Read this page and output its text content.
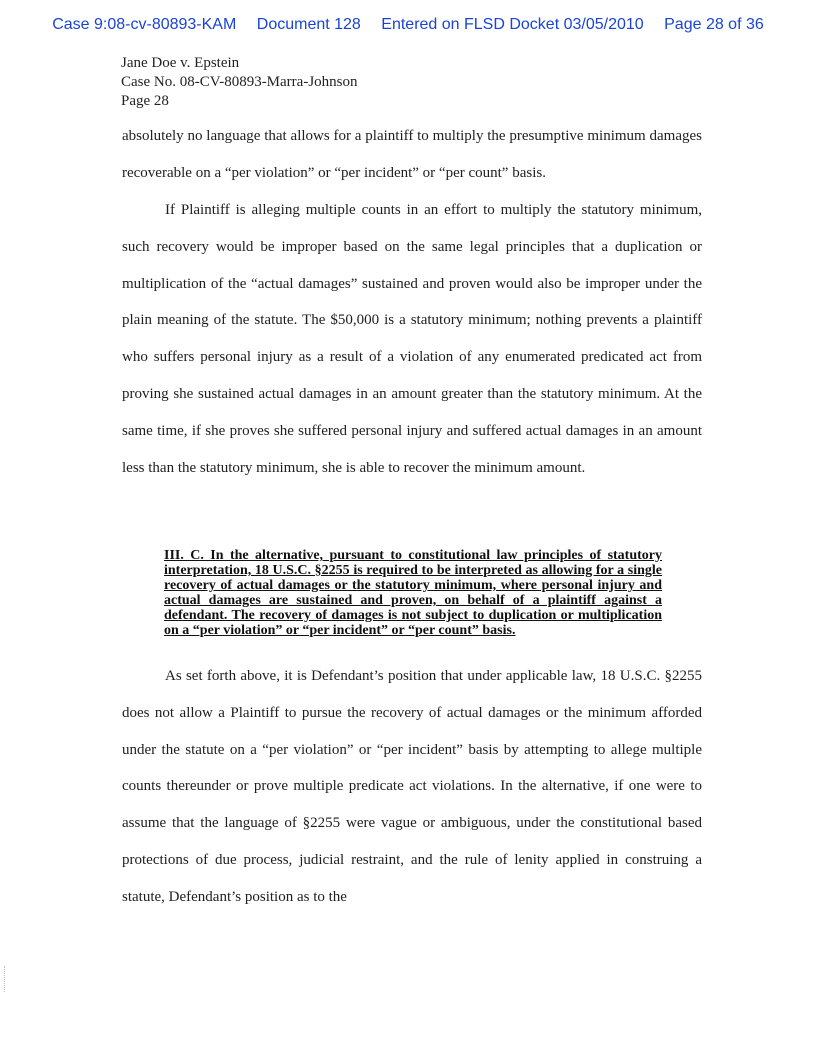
Case 9:08-cv-80893-KAM Document 128 Entered on FLSD Docket 03/05/2010 Page 28 of 36
Jane Doe v. Epstein
Case No. 08-CV-80893-Marra-Johnson
Page 28

absolutely no language that allows for a plaintiff to multiply the presumptive minimum damages recoverable on a “per violation” or “per incident” or “per count” basis.

If Plaintiff is alleging multiple counts in an effort to multiply the statutory minimum, such recovery would be improper based on the same legal principles that a duplication or multiplication of the “actual damages” sustained and proven would also be improper under the plain meaning of the statute. The $50,000 is a statutory minimum; nothing prevents a plaintiff who suffers personal injury as a result of a violation of any enumerated predicated act from proving she sustained actual damages in an amount greater than the statutory minimum. At the same time, if she proves she suffered personal injury and suffered actual damages in an amount less than the statutory minimum, she is able to recover the minimum amount.

III. C. In the alternative, pursuant to constitutional law principles of statutory interpretation, 18 U.S.C. §2255 is required to be interpreted as allowing for a single recovery of actual damages or the statutory minimum, where personal injury and actual damages are sustained and proven, on behalf of a plaintiff against a defendant. The recovery of damages is not subject to duplication or multiplication on a “per violation” or “per incident” or “per count” basis.

As set forth above, it is Defendant’s position that under applicable law, 18 U.S.C. §2255 does not allow a Plaintiff to pursue the recovery of actual damages or the minimum afforded under the statute on a “per violation” or “per incident” basis by attempting to allege multiple counts thereunder or prove multiple predicate act violations. In the alternative, if one were to assume that the language of §2255 were vague or ambiguous, under the constitutional based protections of due process, judicial restraint, and the rule of lenity applied in construing a statute, Defendant’s position as to the
